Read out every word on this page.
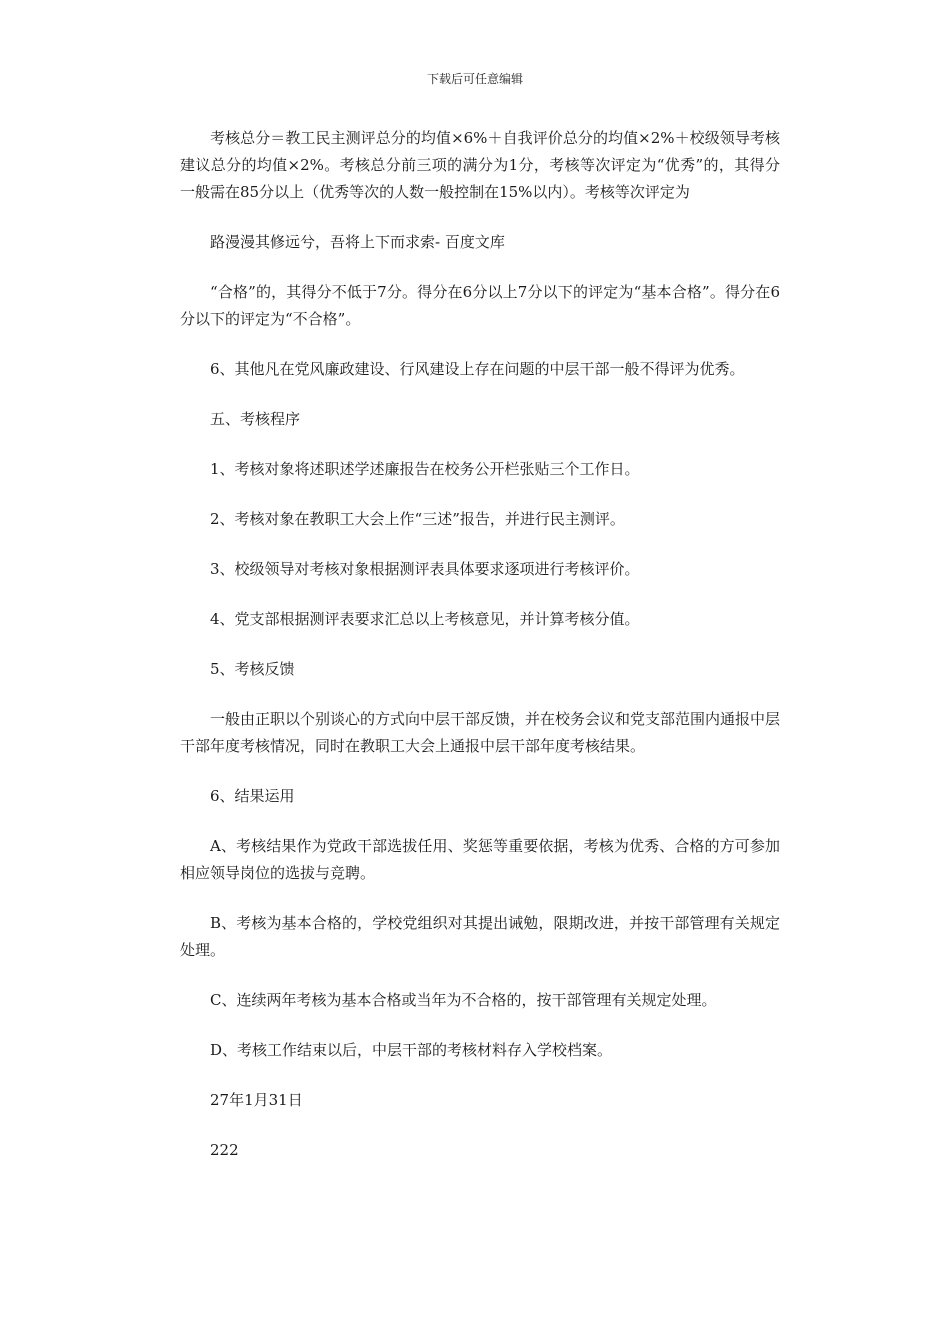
下载后可任意编辑

考核总分＝教工民主测评总分的均值×6%＋自我评价总分的均值×2%＋校级领导考核建议总分的均值×2%。考核总分前三项的满分为1分，考核等次评定为“优秀”的，其得分一般需在85分以上（优秀等次的人数一般控制在15%以内）。考核等次评定为

路漫漫其修远兮，吾将上下而求索- 百度文库

“合格”的，其得分不低于7分。得分在6分以上7分以下的评定为“基本合格”。得分在6分以下的评定为“不合格”。

6、其他凡在党风廉政建设、行风建设上存在问题的中层干部一般不得评为优秀。

五、考核程序

1、考核对象将述职述学述廉报告在校务公开栏张贴三个工作日。

2、考核对象在教职工大会上作“三述”报告，并进行民主测评。

3、校级领导对考核对象根据测评表具体要求逐项进行考核评价。

4、党支部根据测评表要求汇总以上考核意见，并计算考核分值。

5、考核反馈

一般由正职以个别谈心的方式向中层干部反馈，并在校务会议和党支部范围内通报中层干部年度考核情况，同时在教职工大会上通报中层干部年度考核结果。

6、结果运用

A、考核结果作为党政干部选拔任用、奖惩等重要依据，考核为优秀、合格的方可参加相应领导岗位的选拔与竞聘。

B、考核为基本合格的，学校党组织对其提出诫勉，限期改进，并按干部管理有关规定处理。

C、连续两年考核为基本合格或当年为不合格的，按干部管理有关规定处理。

D、考核工作结束以后，中层干部的考核材料存入学校档案。

27年1月31日

222
